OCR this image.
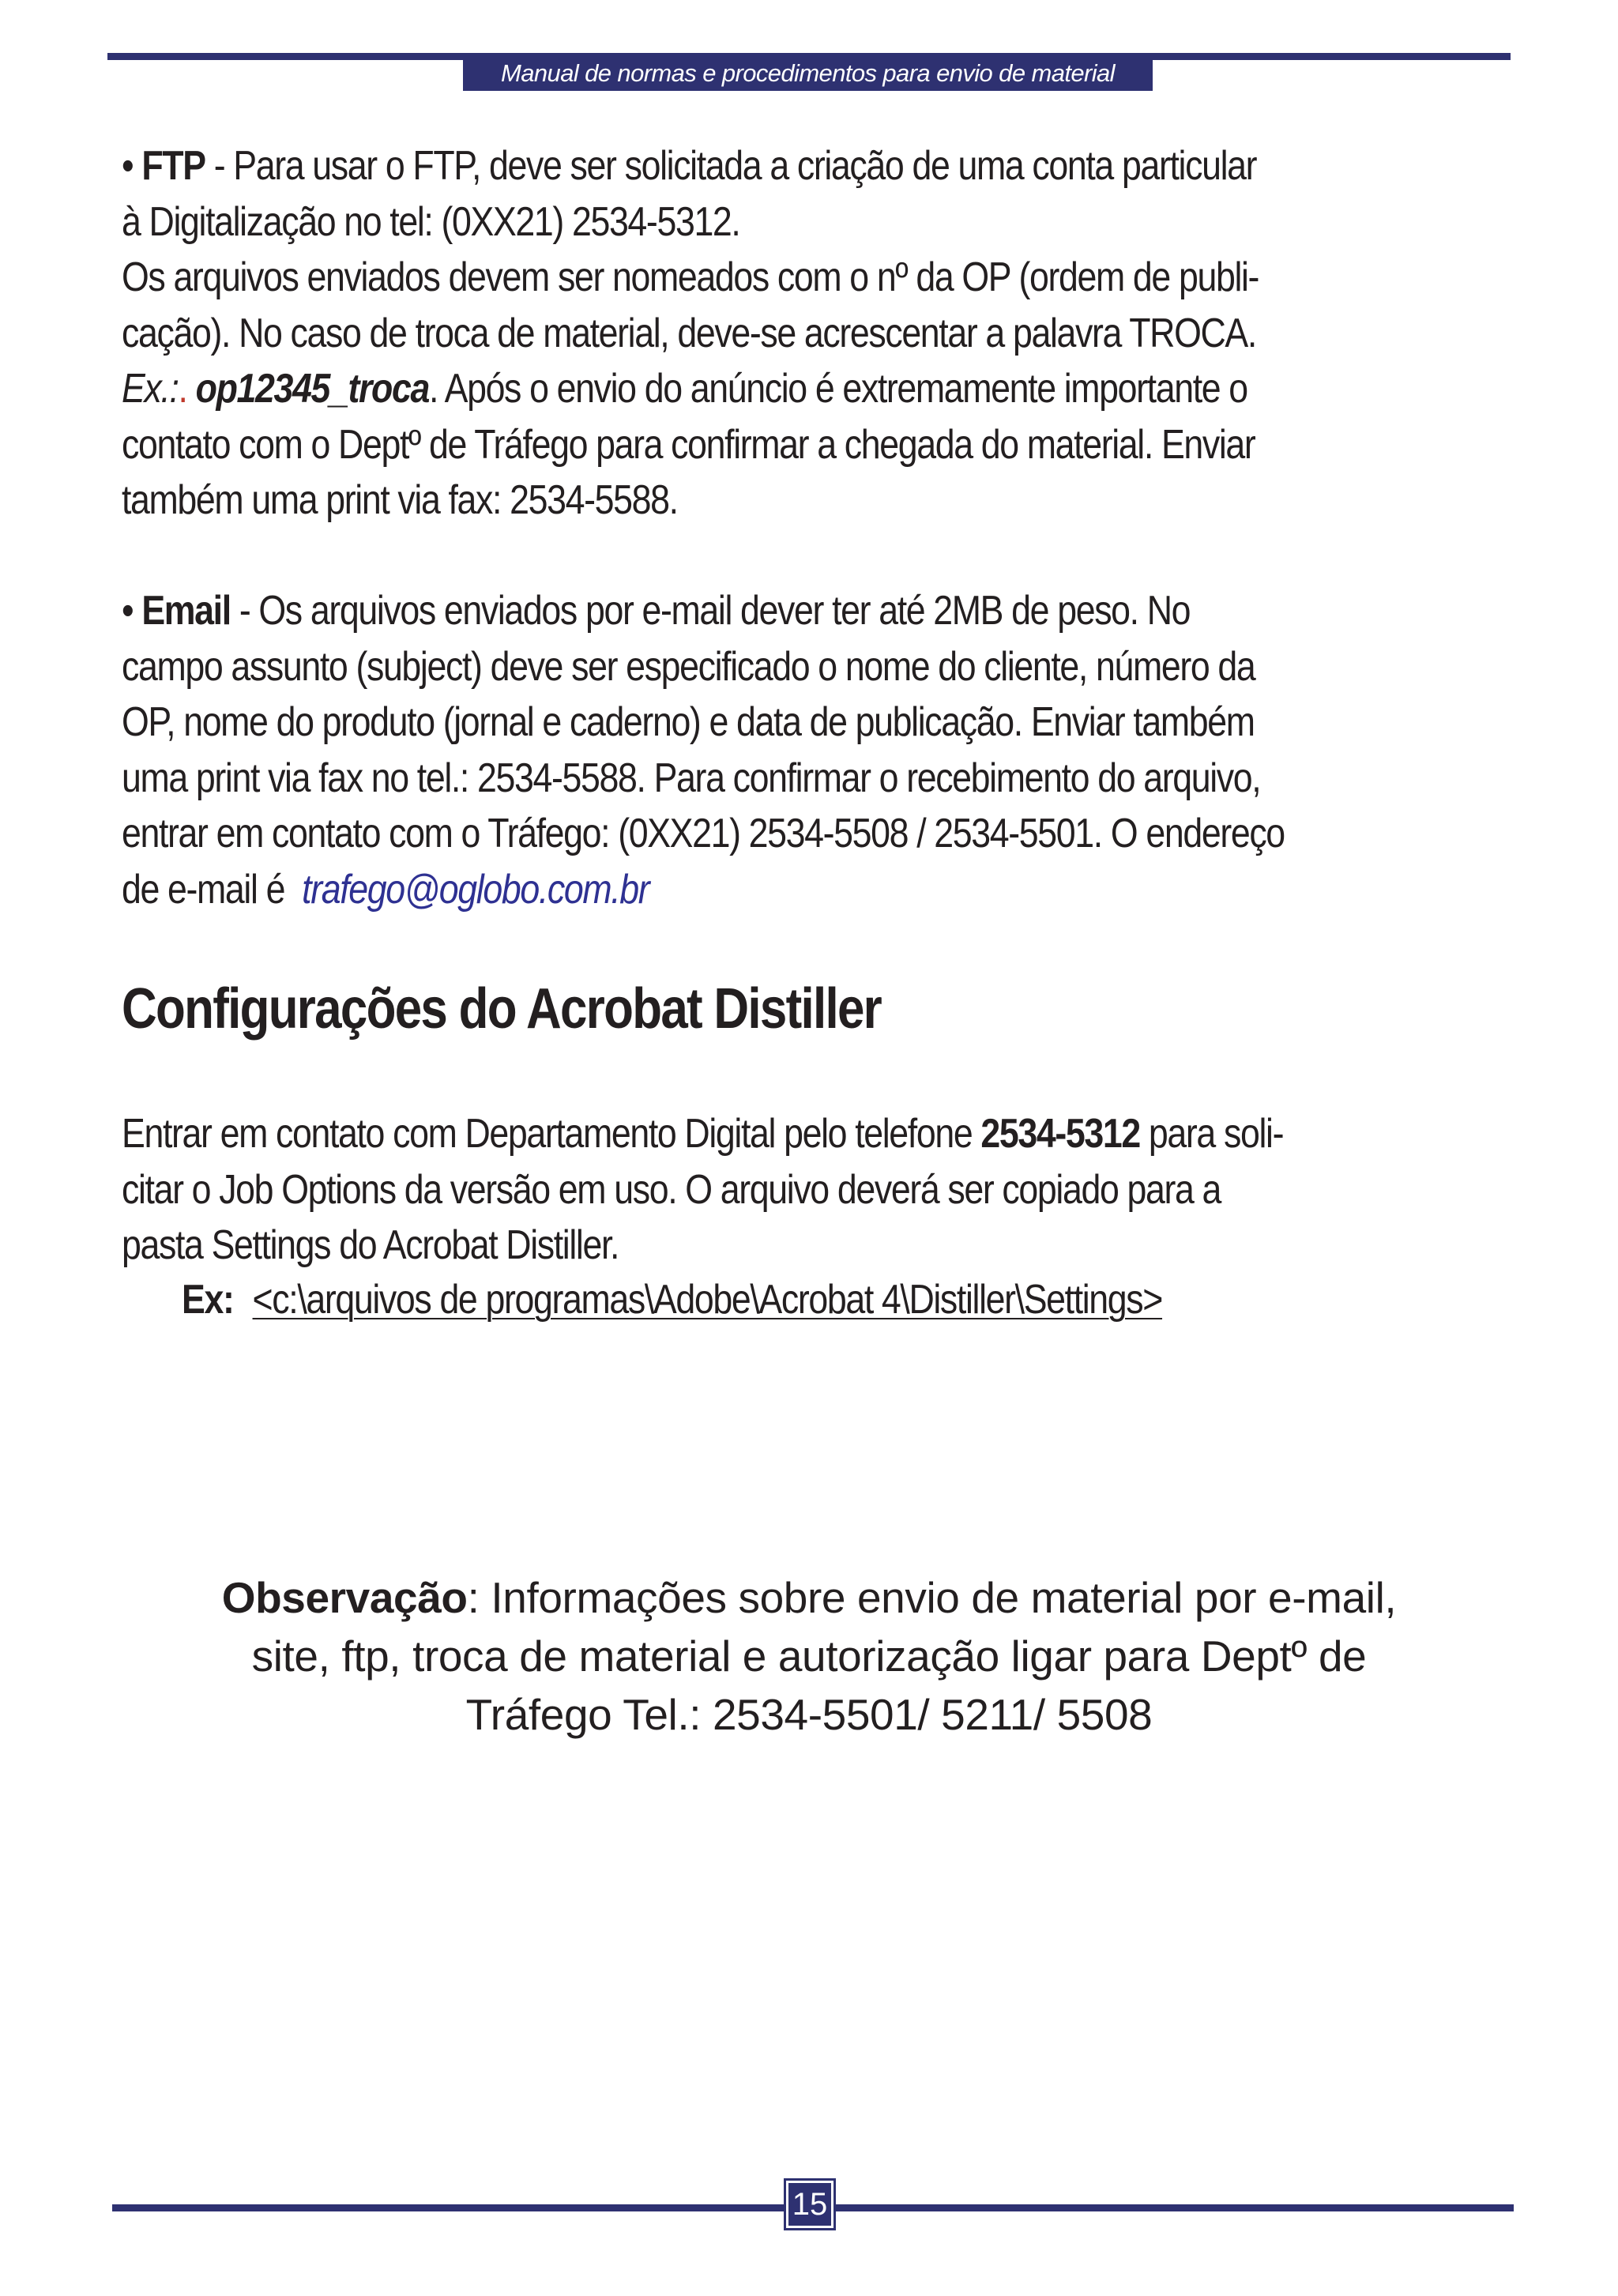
Manual de normas e procedimentos para envio de material
• FTP - Para usar o FTP, deve ser solicitada a criação de uma conta particular
à Digitalização no tel: (0XX21) 2534-5312.
Os arquivos enviados devem ser nomeados com o nº da OP (ordem de publi-
cação). No caso de troca de material, deve-se acrescentar a palavra TROCA.
Ex.:. op12345_troca. Após o envio do anúncio é extremamente importante o
contato com o Deptº de Tráfego para confirmar a chegada do material. Enviar
também uma print via fax: 2534-5588.
• Email - Os arquivos enviados por e-mail dever ter até 2MB de peso. No
campo assunto (subject) deve ser especificado o nome do cliente, número da
OP, nome do produto (jornal e caderno) e data de publicação. Enviar também
uma print via fax no tel.: 2534-5588. Para confirmar o recebimento do arquivo,
entrar em contato com o Tráfego: (0XX21) 2534-5508 / 2534-5501. O endereço
de e-mail é  trafego@oglobo.com.br
Configurações do Acrobat Distiller
Entrar em contato com Departamento Digital pelo telefone 2534-5312 para soli-
citar o Job Options da versão em uso. O arquivo deverá ser copiado para a
pasta Settings do Acrobat Distiller.
Ex: <c:\arquivos de programas\Adobe\Acrobat 4\Distiller\Settings>
Observação: Informações sobre envio de material por e-mail,
site, ftp, troca de material e autorização ligar para Deptº de
Tráfego Tel.: 2534-5501/ 5211/ 5508
15
